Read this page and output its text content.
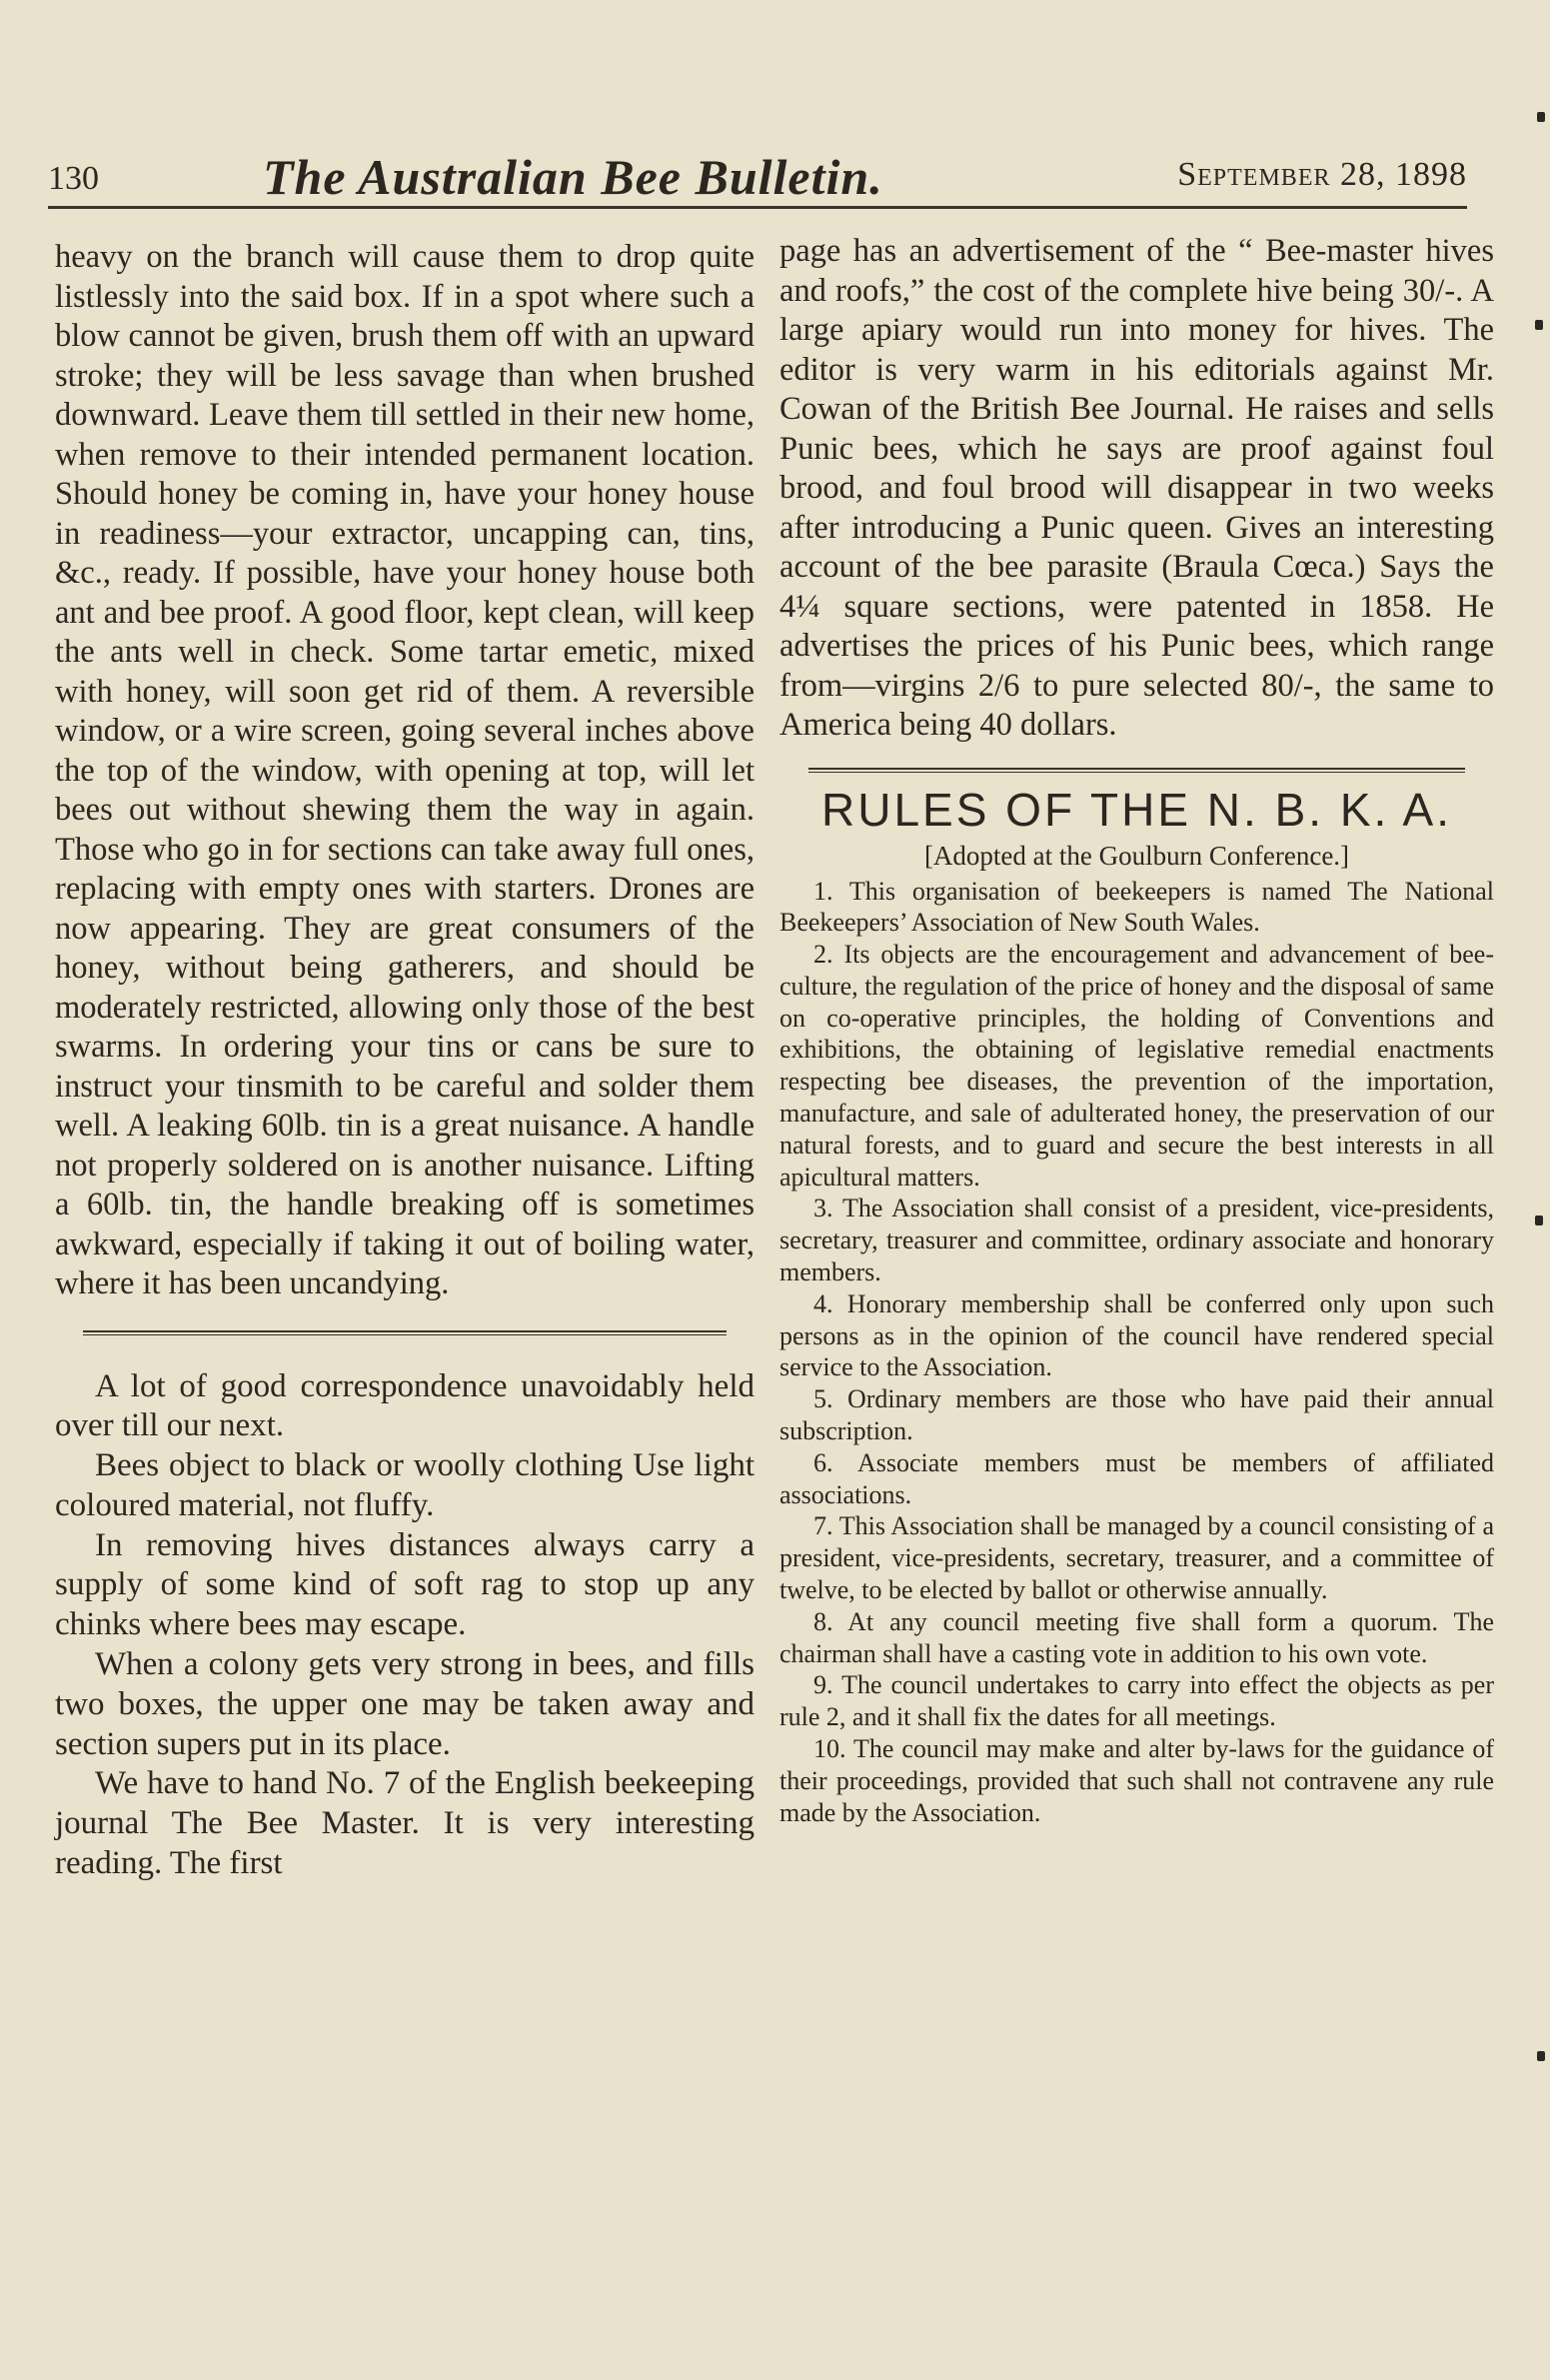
130	The Australian Bee Bulletin.	September 28, 1898

heavy on the branch will cause them to drop quite listlessly into the said box. If in a spot where such a blow cannot be given, brush them off with an upward stroke; they will be less savage than when brushed downward. Leave them till settled in their new home, when remove to their intended permanent location. Should honey be coming in, have your honey house in readiness—your extractor, uncapping can, tins, &c., ready. If possible, have your honey house both ant and bee proof. A good floor, kept clean, will keep the ants well in check. Some tartar emetic, mixed with honey, will soon get rid of them. A reversible window, or a wire screen, going several inches above the top of the window, with opening at top, will let bees out without shewing them the way in again. Those who go in for sections can take away full ones, replacing with empty ones with starters. Drones are now appearing. They are great consumers of the honey, without being gatherers, and should be moderately restricted, allowing only those of the best swarms. In ordering your tins or cans be sure to instruct your tinsmith to be careful and solder them well. A leaking 60lb. tin is a great nuisance. A handle not properly soldered on is another nuisance. Lifting a 60lb. tin, the handle breaking off is sometimes awkward, especially if taking it out of boiling water, where it has been uncandying.

A lot of good correspondence unavoidably held over till our next.

Bees object to black or woolly clothing Use light coloured material, not fluffy.

In removing hives distances always carry a supply of some kind of soft rag to stop up any chinks where bees may escape.

When a colony gets very strong in bees, and fills two boxes, the upper one may be taken away and section supers put in its place.

We have to hand No. 7 of the English beekeeping journal The Bee Master. It is very interesting reading. The first

page has an advertisement of the “ Bee-master hives and roofs,” the cost of the complete hive being 30/-. A large apiary would run into money for hives. The editor is very warm in his editorials against Mr. Cowan of the British Bee Journal. He raises and sells Punic bees, which he says are proof against foul brood, and foul brood will disappear in two weeks after introducing a Punic queen. Gives an interesting account of the bee parasite (Braula Cœca.) Says the 4¼ square sections, were patented in 1858. He advertises the prices of his Punic bees, which range from—virgins 2/6 to pure selected 80/-, the same to America being 40 dollars.

RULES OF THE N. B. K. A.

[Adopted at the Goulburn Conference.]

1. This organisation of beekeepers is named The National Beekeepers’ Association of New South Wales.

2. Its objects are the encouragement and advancement of bee-culture, the regulation of the price of honey and the disposal of same on co-operative principles, the holding of Conventions and exhibitions, the obtaining of legislative remedial enactments respecting bee diseases, the prevention of the importation, manufacture, and sale of adulterated honey, the preservation of our natural forests, and to guard and secure the best interests in all apicultural matters.

3. The Association shall consist of a president, vice-presidents, secretary, treasurer and committee, ordinary associate and honorary members.

4. Honorary membership shall be conferred only upon such persons as in the opinion of the council have rendered special service to the Association.

5. Ordinary members are those who have paid their annual subscription.

6. Associate members must be members of affiliated associations.

7. This Association shall be managed by a council consisting of a president, vice-presidents, secretary, treasurer, and a committee of twelve, to be elected by ballot or otherwise annually.

8. At any council meeting five shall form a quorum. The chairman shall have a casting vote in addition to his own vote.

9. The council undertakes to carry into effect the objects as per rule 2, and it shall fix the dates for all meetings.

10. The council may make and alter by-laws for the guidance of their proceedings, provided that such shall not contravene any rule made by the Association.
